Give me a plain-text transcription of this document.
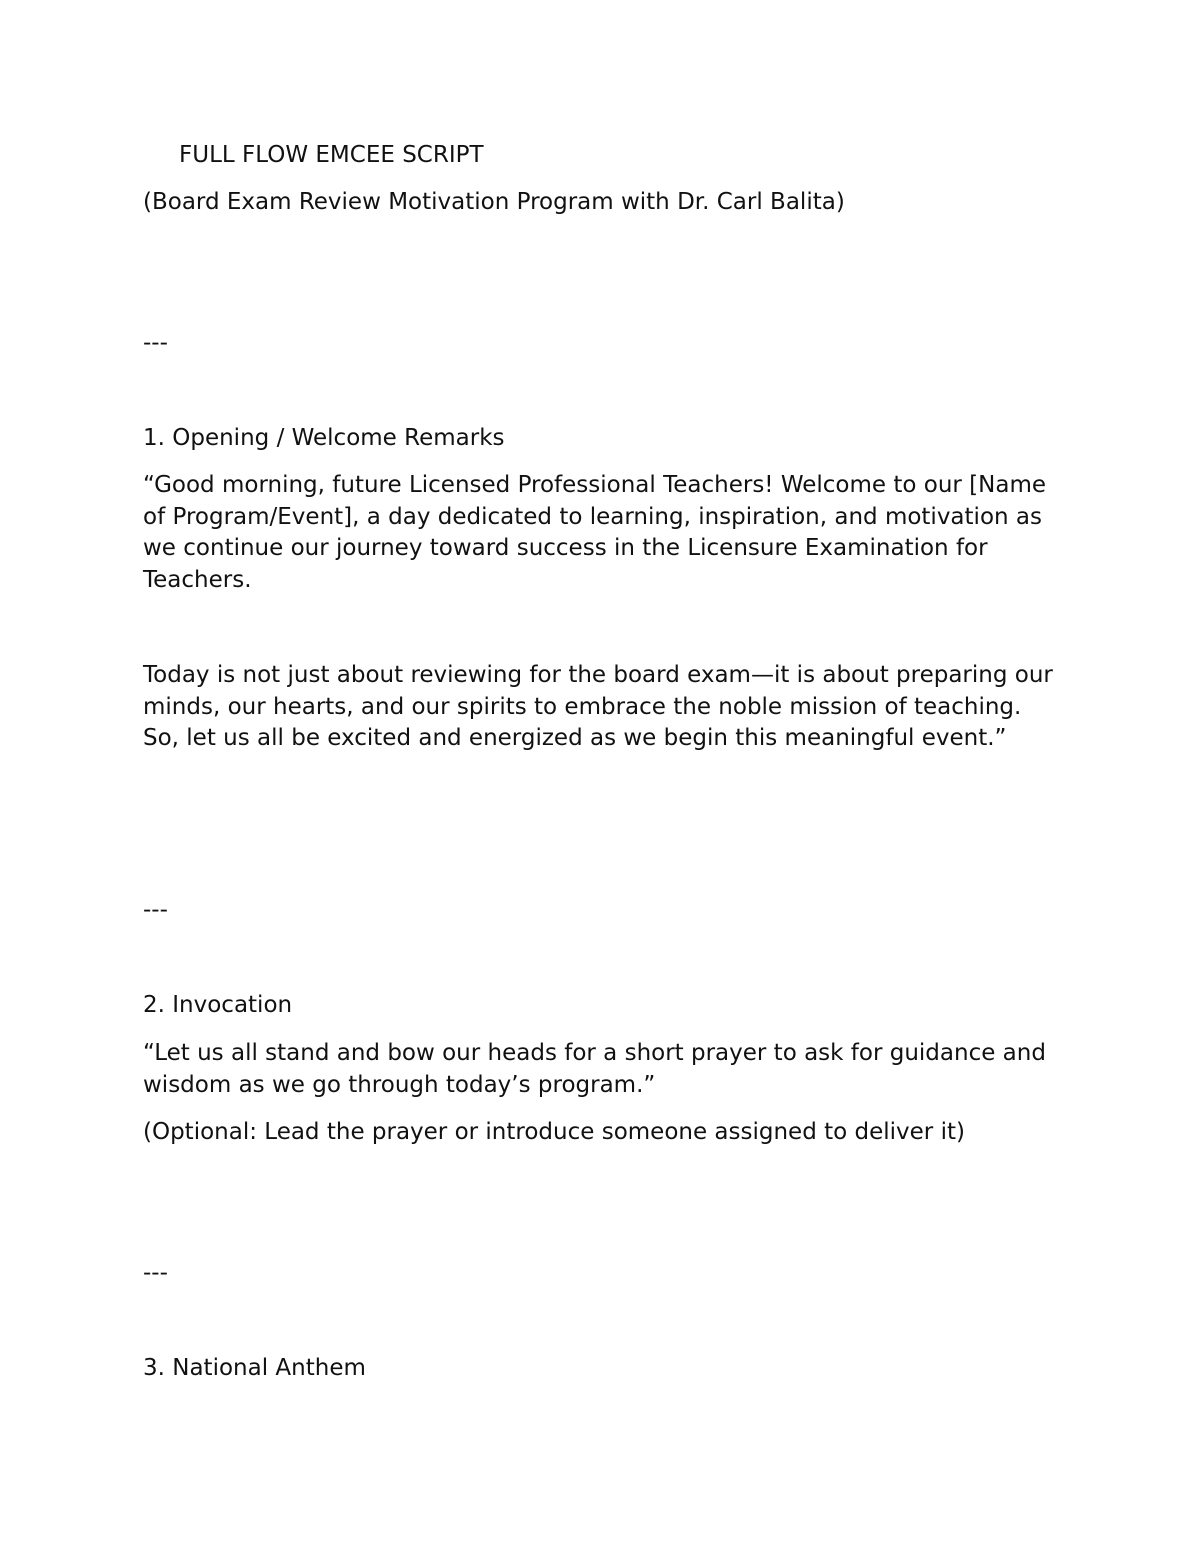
FULL FLOW EMCEE SCRIPT

(Board Exam Review Motivation Program with Dr. Carl Balita)

---

1. Opening / Welcome Remarks

“Good morning, future Licensed Professional Teachers! Welcome to our [Name of Program/Event], a day dedicated to learning, inspiration, and motivation as we continue our journey toward success in the Licensure Examination for Teachers.

Today is not just about reviewing for the board exam—it is about preparing our minds, our hearts, and our spirits to embrace the noble mission of teaching. So, let us all be excited and energized as we begin this meaningful event.”

---

2. Invocation

“Let us all stand and bow our heads for a short prayer to ask for guidance and wisdom as we go through today’s program.”

(Optional: Lead the prayer or introduce someone assigned to deliver it)

---

3. National Anthem
